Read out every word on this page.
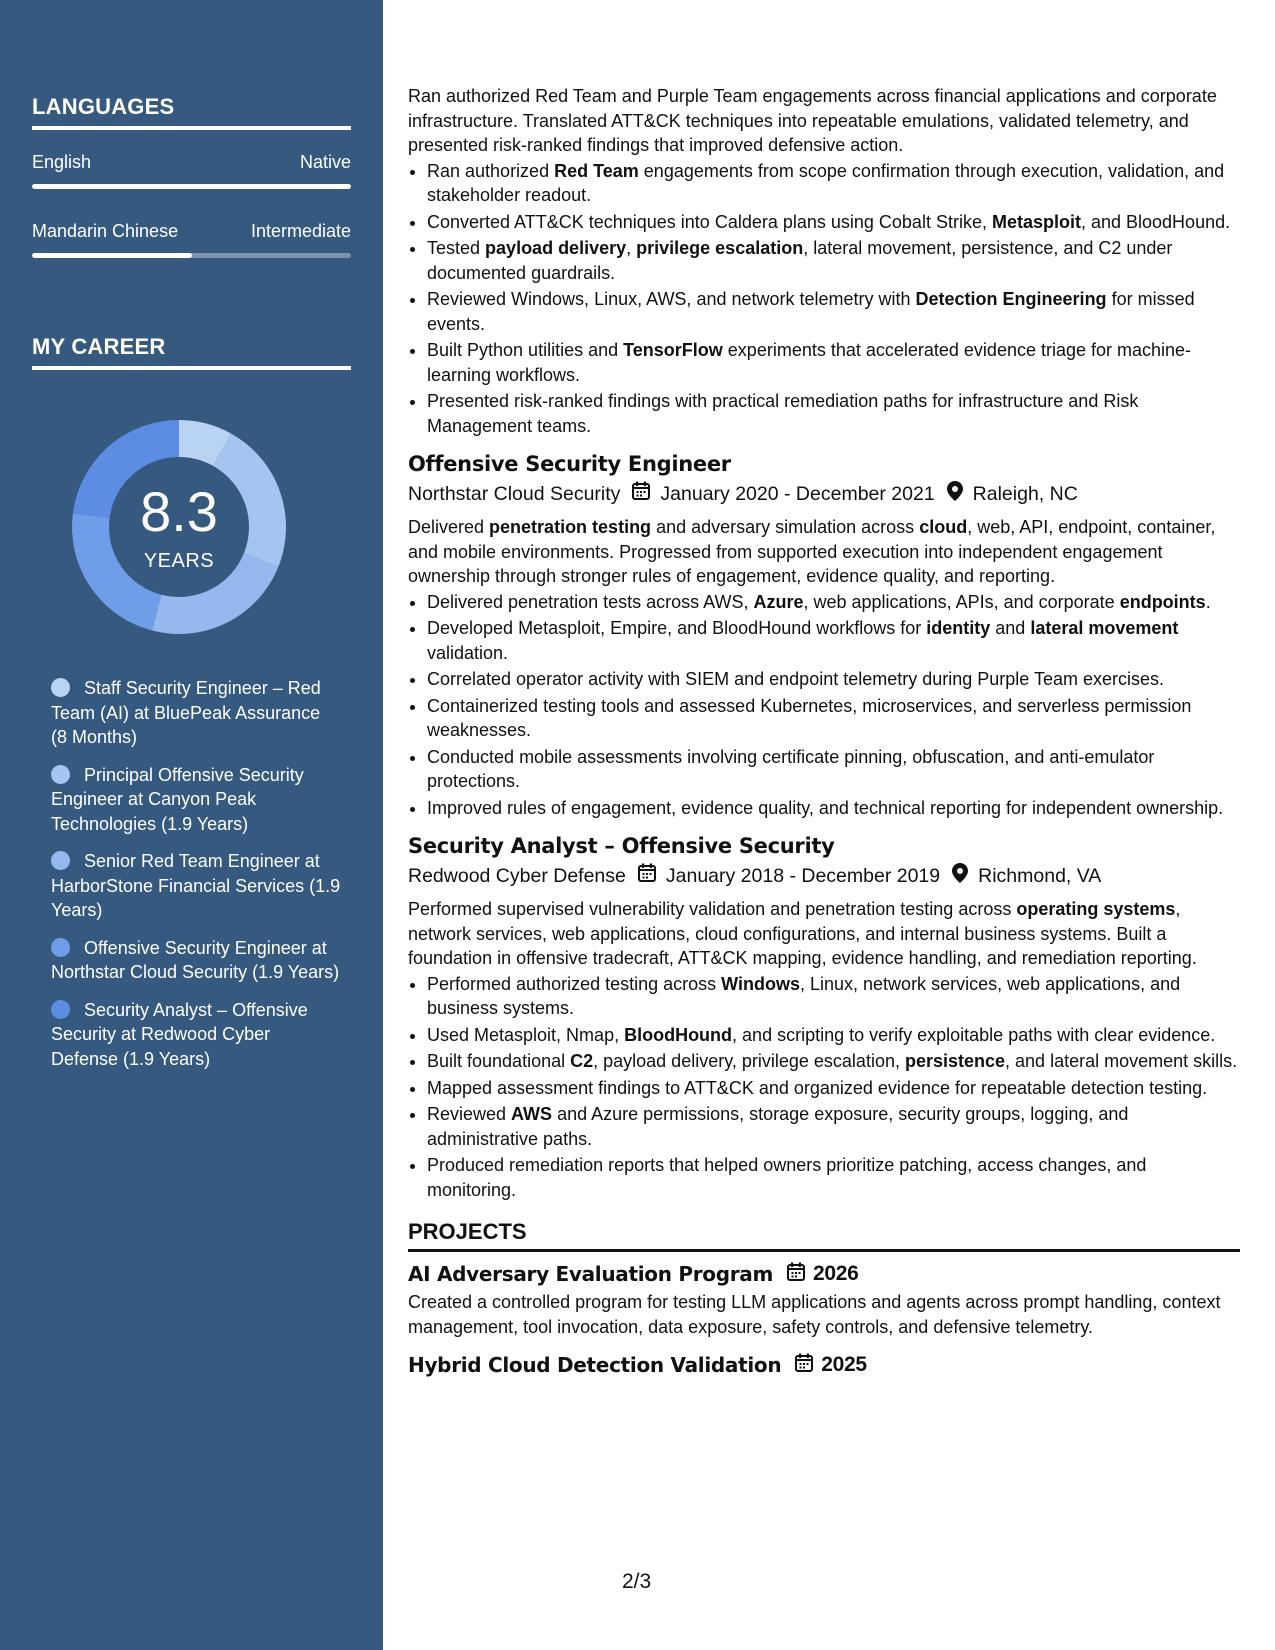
LANGUAGES
English	Native
Mandarin Chinese	Intermediate
MY CAREER
8.3
YEARS
Staff Security Engineer – Red Team (AI) at BluePeak Assurance (8 Months)
Principal Offensive Security Engineer at Canyon Peak Technologies (1.9 Years)
Senior Red Team Engineer at HarborStone Financial Services (1.9 Years)
Offensive Security Engineer at Northstar Cloud Security (1.9 Years)
Security Analyst – Offensive Security at Redwood Cyber Defense (1.9 Years)

Ran authorized Red Team and Purple Team engagements across financial applications and corporate infrastructure. Translated ATT&CK techniques into repeatable emulations, validated telemetry, and presented risk-ranked findings that improved defensive action.

• Ran authorized Red Team engagements from scope confirmation through execution, validation, and stakeholder readout.
• Converted ATT&CK techniques into Caldera plans using Cobalt Strike, Metasploit, and BloodHound.
• Tested payload delivery, privilege escalation, lateral movement, persistence, and C2 under documented guardrails.
• Reviewed Windows, Linux, AWS, and network telemetry with Detection Engineering for missed events.
• Built Python utilities and TensorFlow experiments that accelerated evidence triage for machine-learning workflows.
• Presented risk-ranked findings with practical remediation paths for infrastructure and Risk Management teams.
Offensive Security Engineer
Northstar Cloud Security January 2020 - December 2021 Raleigh, NC

Delivered penetration testing and adversary simulation across cloud, web, API, endpoint, container, and mobile environments. Progressed from supported execution into independent engagement ownership through stronger rules of engagement, evidence quality, and reporting.

• Delivered penetration tests across AWS, Azure, web applications, APIs, and corporate endpoints.
• Developed Metasploit, Empire, and BloodHound workflows for identity and lateral movement validation.
• Correlated operator activity with SIEM and endpoint telemetry during Purple Team exercises.
• Containerized testing tools and assessed Kubernetes, microservices, and serverless permission weaknesses.
• Conducted mobile assessments involving certificate pinning, obfuscation, and anti-emulator protections.
• Improved rules of engagement, evidence quality, and technical reporting for independent ownership.
Security Analyst – Offensive Security
Redwood Cyber Defense January 2018 - December 2019 Richmond, VA

Performed supervised vulnerability validation and penetration testing across operating systems, network services, web applications, cloud configurations, and internal business systems. Built a foundation in offensive tradecraft, ATT&CK mapping, evidence handling, and remediation reporting.

• Performed authorized testing across Windows, Linux, network services, web applications, and business systems.
• Used Metasploit, Nmap, BloodHound, and scripting to verify exploitable paths with clear evidence.
• Built foundational C2, payload delivery, privilege escalation, persistence, and lateral movement skills.
• Mapped assessment findings to ATT&CK and organized evidence for repeatable detection testing.
• Reviewed AWS and Azure permissions, storage exposure, security groups, logging, and administrative paths.
• Produced remediation reports that helped owners prioritize patching, access changes, and monitoring.
PROJECTS
AI Adversary Evaluation Program 2026

Created a controlled program for testing LLM applications and agents across prompt handling, context management, tool invocation, data exposure, safety controls, and defensive telemetry.

Hybrid Cloud Detection Validation 2025
2/3
